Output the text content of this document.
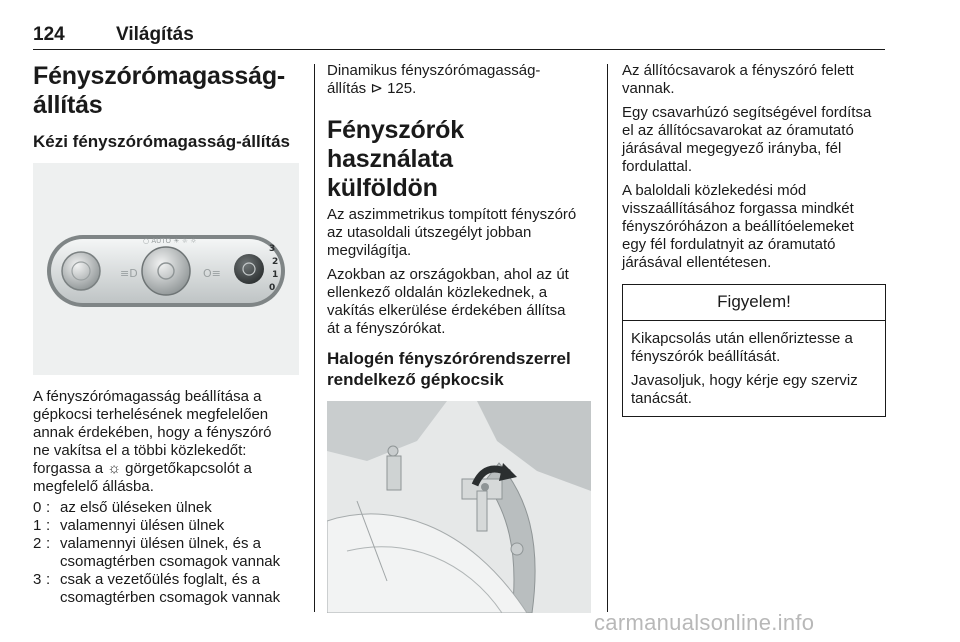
124	Világítás
Fényszórómagasság-állítás
Kézi fényszórómagasság-állítás
≡D	O≡
○ AUTO ☀ ☼ ☼
3
2
1
0

A fényszórómagasság beállítása a
gépkocsi terhelésének megfelelően
annak érdekében, hogy a fényszóró
ne vakítsa el a többi közlekedőt:
forgassa a ☼ görgetőkapcsolót a
megfelelő állásba.

0 : az első üléseken ülnek
1 : valamennyi ülésen ülnek
2 : valamennyi ülésen ülnek, és a
csomagtérben csomagok vannak
3 : csak a vezetőülés foglalt, és a
csomagtérben csomagok vannak

Dinamikus fényszórómagasság-
állítás ⊳ 125.

Fényszórók használata
külföldön

Az aszimmetrikus tompított fényszóró
az utasoldali útszegélyt jobban
megvilágítja.

Azokban az országokban, ahol az út
ellenkező oldalán közlekednek, a
vakítás elkerülése érdekében állítsa
át a fényszórókat.

Halogén fényszórórendszerrel
rendelkező gépkocsik

Az állítócsavarok a fényszóró felett
vannak.

Egy csavarhúzó segítségével fordítsa
el az állítócsavarokat az óramutató
járásával megegyező irányba, fél
fordulattal.

A baloldali közlekedési mód
visszaállításához forgassa mindkét
fényszóróházon a beállítóelemeket
egy fél fordulatnyit az óramutató
járásával ellentétesen.

Figyelem!

Kikapcsolás után ellenőriztesse a
fényszórók beállítását.

Javasoljuk, hogy kérje egy szerviz
tanácsát.

carmanualsonline.info
